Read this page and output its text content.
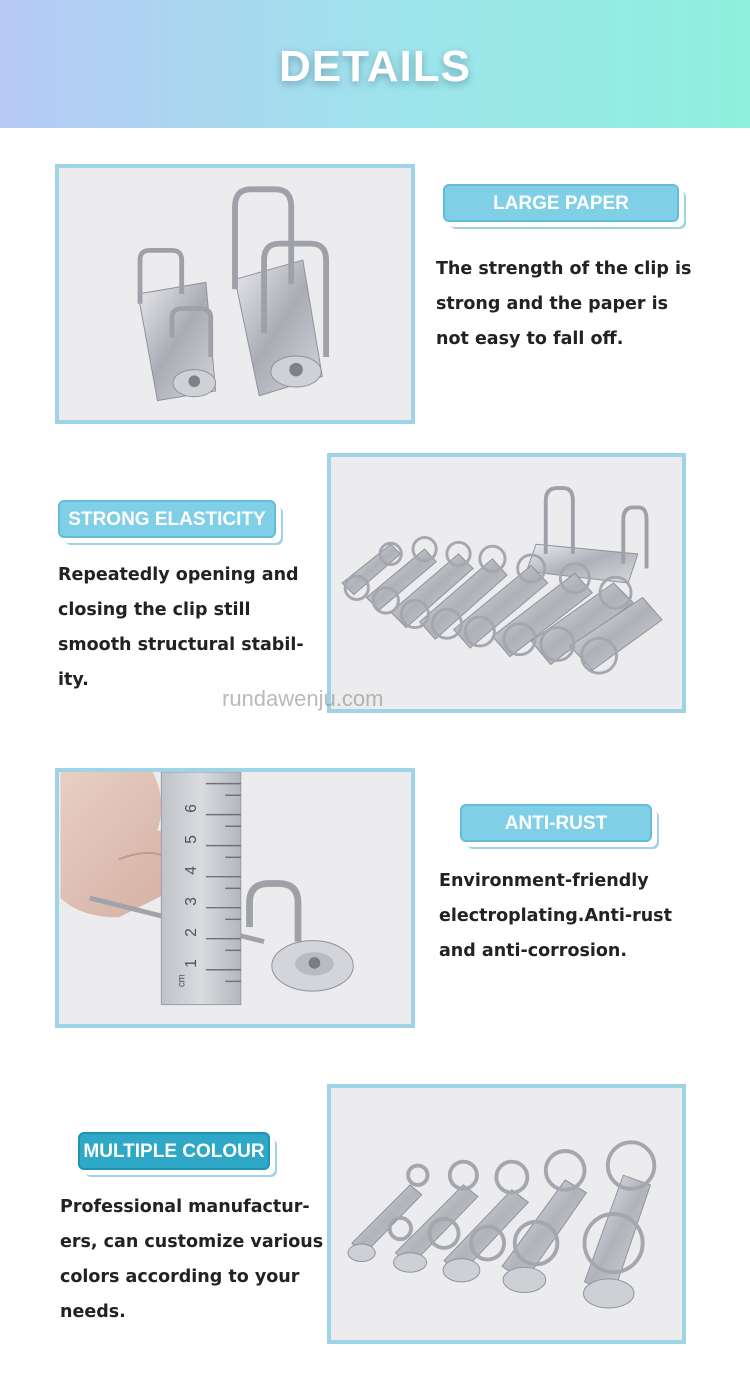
DETAILS
LARGE PAPER CAPACITY

The strength of the clip is
strong and the paper is
not easy to fall off.

STRONG ELASTICITY

Repeatedly opening and
closing the clip still
smooth structural stabil-
ity.

rundawenju.com
6
5
4
3
2
1
cm
ANTI-RUST

Environment-friendly
electroplating.Anti-rust
and anti-corrosion.

MULTIPLE COLOUR

Professional manufactur-
ers, can customize various
colors according to your
needs.
